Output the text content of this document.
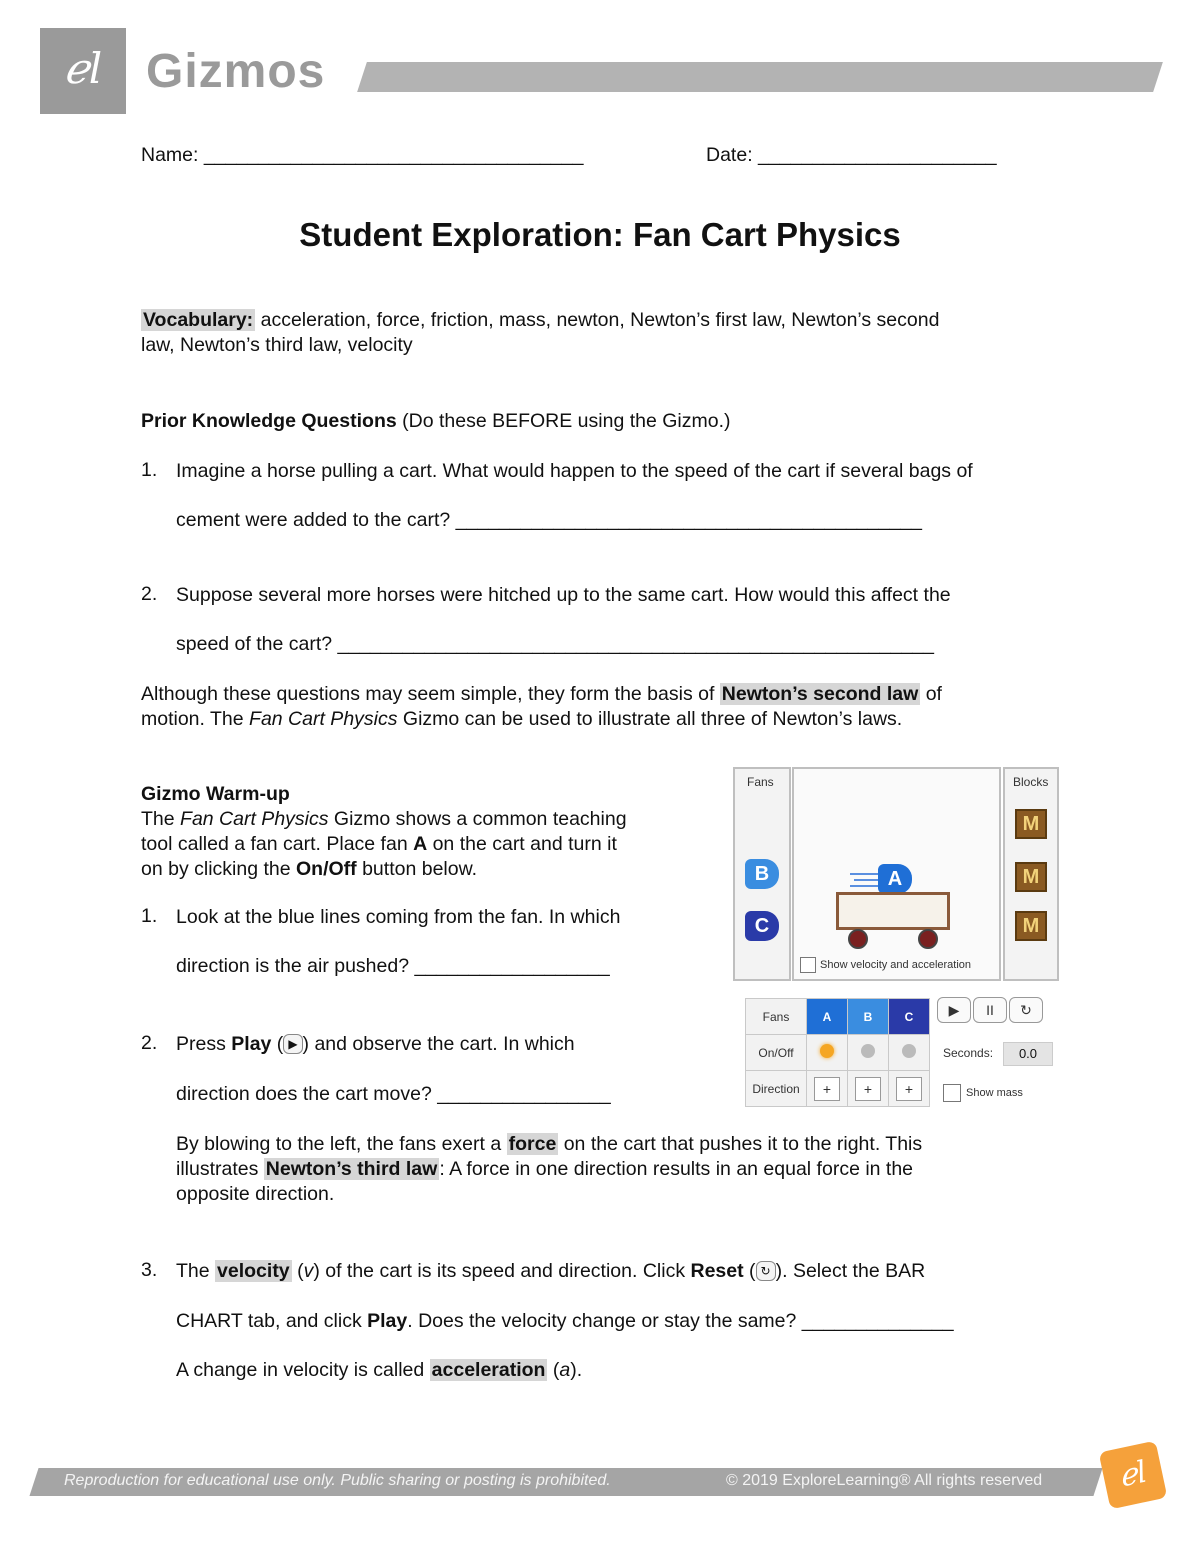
ℯl Gizmos
Name: ___________________________________	Date: ______________________
Student Exploration: Fan Cart Physics
Vocabulary: acceleration, force, friction, mass, newton, Newton’s first law, Newton’s second
law, Newton’s third law, velocity
Prior Knowledge Questions (Do these BEFORE using the Gizmo.)
1. Imagine a horse pulling a cart. What would happen to the speed of the cart if several bags of
cement were added to the cart? ___________________________________________
2. Suppose several more horses were hitched up to the same cart. How would this affect the
speed of the cart? _______________________________________________________
Although these questions may seem simple, they form the basis of Newton’s second law of
motion. The Fan Cart Physics Gizmo can be used to illustrate all three of Newton’s laws.
Gizmo Warm-up
The Fan Cart Physics Gizmo shows a common teaching
tool called a fan cart. Place fan A on the cart and turn it
on by clicking the On/Off button below.
1. Look at the blue lines coming from the fan. In which
direction is the air pushed? __________________
2. Press Play ( ▶ ) and observe the cart. In which
direction does the cart move? ________________
By blowing to the left, the fans exert a force on the cart that pushes it to the right. This
illustrates Newton’s third law : A force in one direction results in an equal force in the
opposite direction.
3. The velocity (v) of the cart is its speed and direction. Click Reset ( ↻ ). Select the BAR
CHART tab, and click Play. Does the velocity change or stay the same? ______________
A change in velocity is called acceleration (a).
Fans
B
C
A
Show velocity and acceleration
Blocks
M
M
M
Fans	A	B	C
On/Off			
Direction	+	+	+
▶	II	↻
Seconds:	0.0
Show mass
Reproduction for educational use only. Public sharing or posting is prohibited.	© 2019 ExploreLearning® All rights reserved	ℯl
